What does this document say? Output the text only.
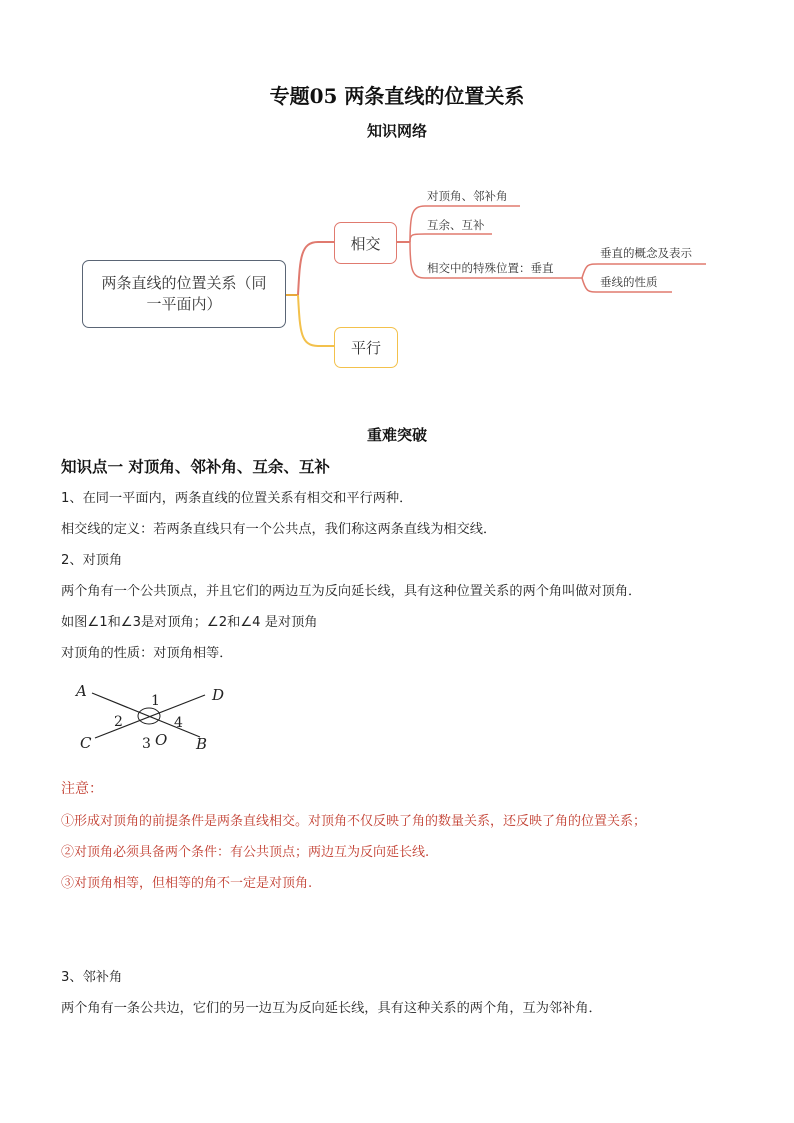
专题05 两条直线的位置关系
知识网络
两条直线的位置关系（同一平面内）
相交
平行
对顶角、邻补角
互余、互补
相交中的特殊位置：垂直
垂直的概念及表示
垂线的性质
重难突破
知识点一 对顶角、邻补角、互余、互补
1、在同一平面内，两条直线的位置关系有相交和平行两种．
相交线的定义：若两条直线只有一个公共点，我们称这两条直线为相交线．
2、对顶角
两个角有一个公共顶点，并且它们的两边互为反向延长线，具有这种位置关系的两个角叫做对顶角．
如图∠1和∠3是对顶角；∠2和∠4 是对顶角
对顶角的性质：对顶角相等．
A	D
C	B
O
1
2
3
4
注意：
①形成对顶角的前提条件是两条直线相交。对顶角不仅反映了角的数量关系，还反映了角的位置关系；
②对顶角必须具备两个条件：有公共顶点；两边互为反向延长线.
③对顶角相等，但相等的角不一定是对顶角.
3、邻补角
两个角有一条公共边，它们的另一边互为反向延长线，具有这种关系的两个角，互为邻补角．
